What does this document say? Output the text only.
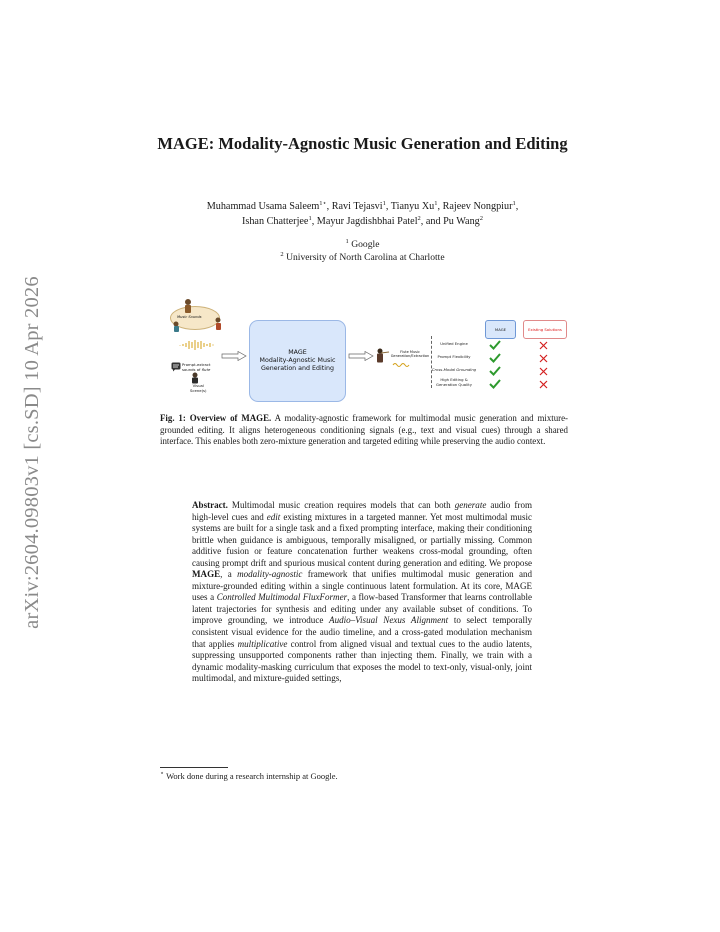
arXiv:2604.09803v1 [cs.SD] 10 Apr 2026
MAGE: Modality-Agnostic Music Generation and Editing
Muhammad Usama Saleem$^{1⋆}$, Ravi Tejasvi$^1$, Tianyu Xu$^1$, Rajeev Nongpiur$^1$,
Ishan Chatterjee$^1$, Mayur Jagdishbhai Patel$^2$, and Pu Wang$^2$
$^1$ Google
$^2$ University of North Carolina at Charlotte
Music Sounds
Prompt-extract
sounds of flute
Visual
Scene(s)
MAGE
Modality-Agnostic Music
Generation and Editing
Flute Music
Generation/Extraction
MAGE	Existing Solutions
Unified Engine
Prompt Flexibility
Cross-Modal Grounding
High Editing & Generation Quality
Fig. 1: Overview of MAGE. A modality-agnostic framework for multimodal music generation and mixture-grounded editing. It aligns heterogeneous conditioning signals (e.g., text and visual cues) through a shared interface. This enables both zero-mixture generation and targeted editing while preserving the audio context.
Abstract. Multimodal music creation requires models that can both generate audio from high-level cues and edit existing mixtures in a targeted manner. Yet most multimodal music systems are built for a single task and a fixed prompting interface, making their conditioning brittle when guidance is ambiguous, temporally misaligned, or partially missing. Common additive fusion or feature concatenation further weakens cross-modal grounding, often causing prompt drift and spurious musical content during generation and editing. We propose MAGE, a modality-agnostic framework that unifies multimodal music generation and mixture-grounded editing within a single continuous latent formulation. At its core, MAGE uses a Controlled Multimodal FluxFormer, a flow-based Transformer that learns controllable latent trajectories for synthesis and editing under any available subset of conditions. To improve grounding, we introduce Audio–Visual Nexus Alignment to select temporally consistent visual evidence for the audio timeline, and a cross-gated modulation mechanism that applies multiplicative control from aligned visual and textual cues to the audio latents, suppressing unsupported components rather than injecting them. Finally, we train with a dynamic modality-masking curriculum that exposes the model to text-only, visual-only, joint multimodal, and mixture-guided settings,
⋆ Work done during a research internship at Google.
